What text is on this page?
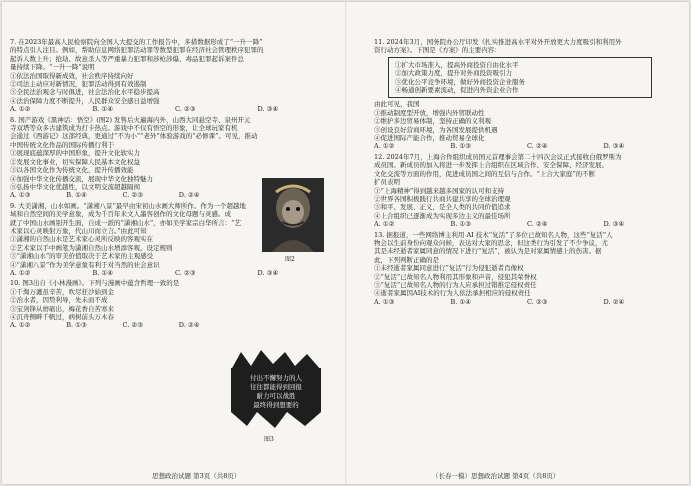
7. 在2023年最高人民检察院向全国人大提交的工作报告中，多措数据形成了“一升一降”

的特点引人注目。例如，帮助信息网络犯罪活动罪等数型犯罪在经济社会管理秩序犯罪的

起诉人数上升；抢劫、故意杀人等严重暴力犯罪和涉枪涉爆、毒品犯罪起诉案件总

量持续下降。“一升一降”说明

①依法治国取得新成效，社会秩序持续向好

②司法主动应对新情况，犯罪活动得到有效遏制

③全民法治观念与时俱进，社会法治化水平稳步提高

④法治保障力度不断提升，人民群众安全感日益增强

A. ①②	B. ①④	C. ②③	D. ③④

8. 国产游戏《黑神话：悟空》(图2) 发售后火遍海内外，山西大同悬空寺、泉州开元

寺双塔等众多古建筑成为打卡热点。游戏中不仅有悟空的形象，让全球玩家有机

会通过《西游记》这部经典，更通过“不为小”“老外”体验游戏的“必修课”。可见，推动

中国传统文化作品的国际传播行利于

①展现底蕴深厚的中国形象，提升文化软实力

②发展文化事业，切实保障人民基本文化权益

③以各国文化作为传统文化，提升传播效能

④加强中华文化传播交流，展现中华文化独特魅力

⑤弘扬中华文化优越性，以文明交流超越隔阂

A. ①③	B. ①④	C. ②③	D. ②④

9. 大美潇湘，山水如画。“潇湘八景”最早由宋初山水画大师所作。作为一个超越地

域和自然空间的美学意象，成为千百年来文人墨客创作的文化母题与灵感。成

就了中国山水画别开生面，自成一派的“潇湘山水”，亦如美学家宗白华所言：“艺

术家以心灵映射万象，代山川而立言。”由此可知

①潇湘的自然山水是艺术家心灵所反映的客观实在

②艺术家以手中画笔为潇湘自然山水增添客观，设定规则

③“潇湘山水”的审美价值取决于艺术家的主观感受

④“潇湘八景”作为美学意象有利于对当然的社会意识

A. ①②	B. ①④	C. ②③	D. ③④

10. 图3出自《小林漫画》。下列与漫画中蕴含哲理一致的是

①千淘万漉虽辛苦，吹尽狂沙始到金

②治水者，因势利导，先未而不成

③宝剑锋从磨砺出，梅花香自苦寒来

④沉舟侧畔千帆过，病树前头万木春

A. ①②	B. ①③	C. ②③	D. ②④
图2
付出不懈努力的人
往往都能得到回报
耐力可以战胜
最终得到想要的
图3
思想政治试题 第3页（共8页）

11. 2024年3月，国务院办公厅印发《扎实推进高水平对外开放更大力度吸引和利用外

资行动方案》。下图是《方案》的主要内容：

①扩大市场准入，提高外商投资自由化水平

②加大政策力度，提升对外商投资吸引力

③优化公平竞争环境，做好外商投资企业服务

④畅通创新要素流动，促进内外资企业合作

由此可见，我国

①推动制度型开放，增强内外贸联动性

②维护多边贸易体制，坚持正确的义利观

③创设良好营商环境，为各国发展提供机遇

④促进国际产能合作，推动贸易全球化

A. ①②	B. ①③	C. ②④	D. ③④

12. 2024年7月，上海合作组织成员国元首理事会第二十四次会议正式接收白俄罗斯为

成员国。新成员的加入将进一步发挥上合组织在区域合作、安全保障、经济发展、

文化交流等方面的作用，促进成员国之间的互信与合作。“上合大家庭”的不断

扩员表明

①“上海精神”得到越来越多国家的认可和支持

②世界各国积极践行共商共建共享的全球治理观

③和平、发展、正义，是全人类的共同价值追求

④上合组织已逐渐成为实现多边主义的最佳场所

A. ①②	B. ①③	C. ②④	D. ③④

13. 据报道，一些网络博主利用 AI 技术“复活”了多位已故知名人物，这些“复活”人

物会以生前身份向观众问候，表达对大家的思念，但这类行为引发了不少争议，尤

其是未经逝者家属同意的情况下进行“复活”，被认为是对家属情感上的伤害。据

此，下列判断正确的是

①未经逝者家属同意进行“复活”行为侵犯逝者肖像权

②“复活”已故知名人物利用其形象和声音，侵犯其荣誉权

③“复活”已故知名人物的行为人应承担过错推定侵权责任

④逝者家属因AI技术的行为人依法承担相应的侵权责任

A. ①③	B. ①④	C. ②③	D. ②④
（长春一模）思想政治试题 第4页（共8页）
